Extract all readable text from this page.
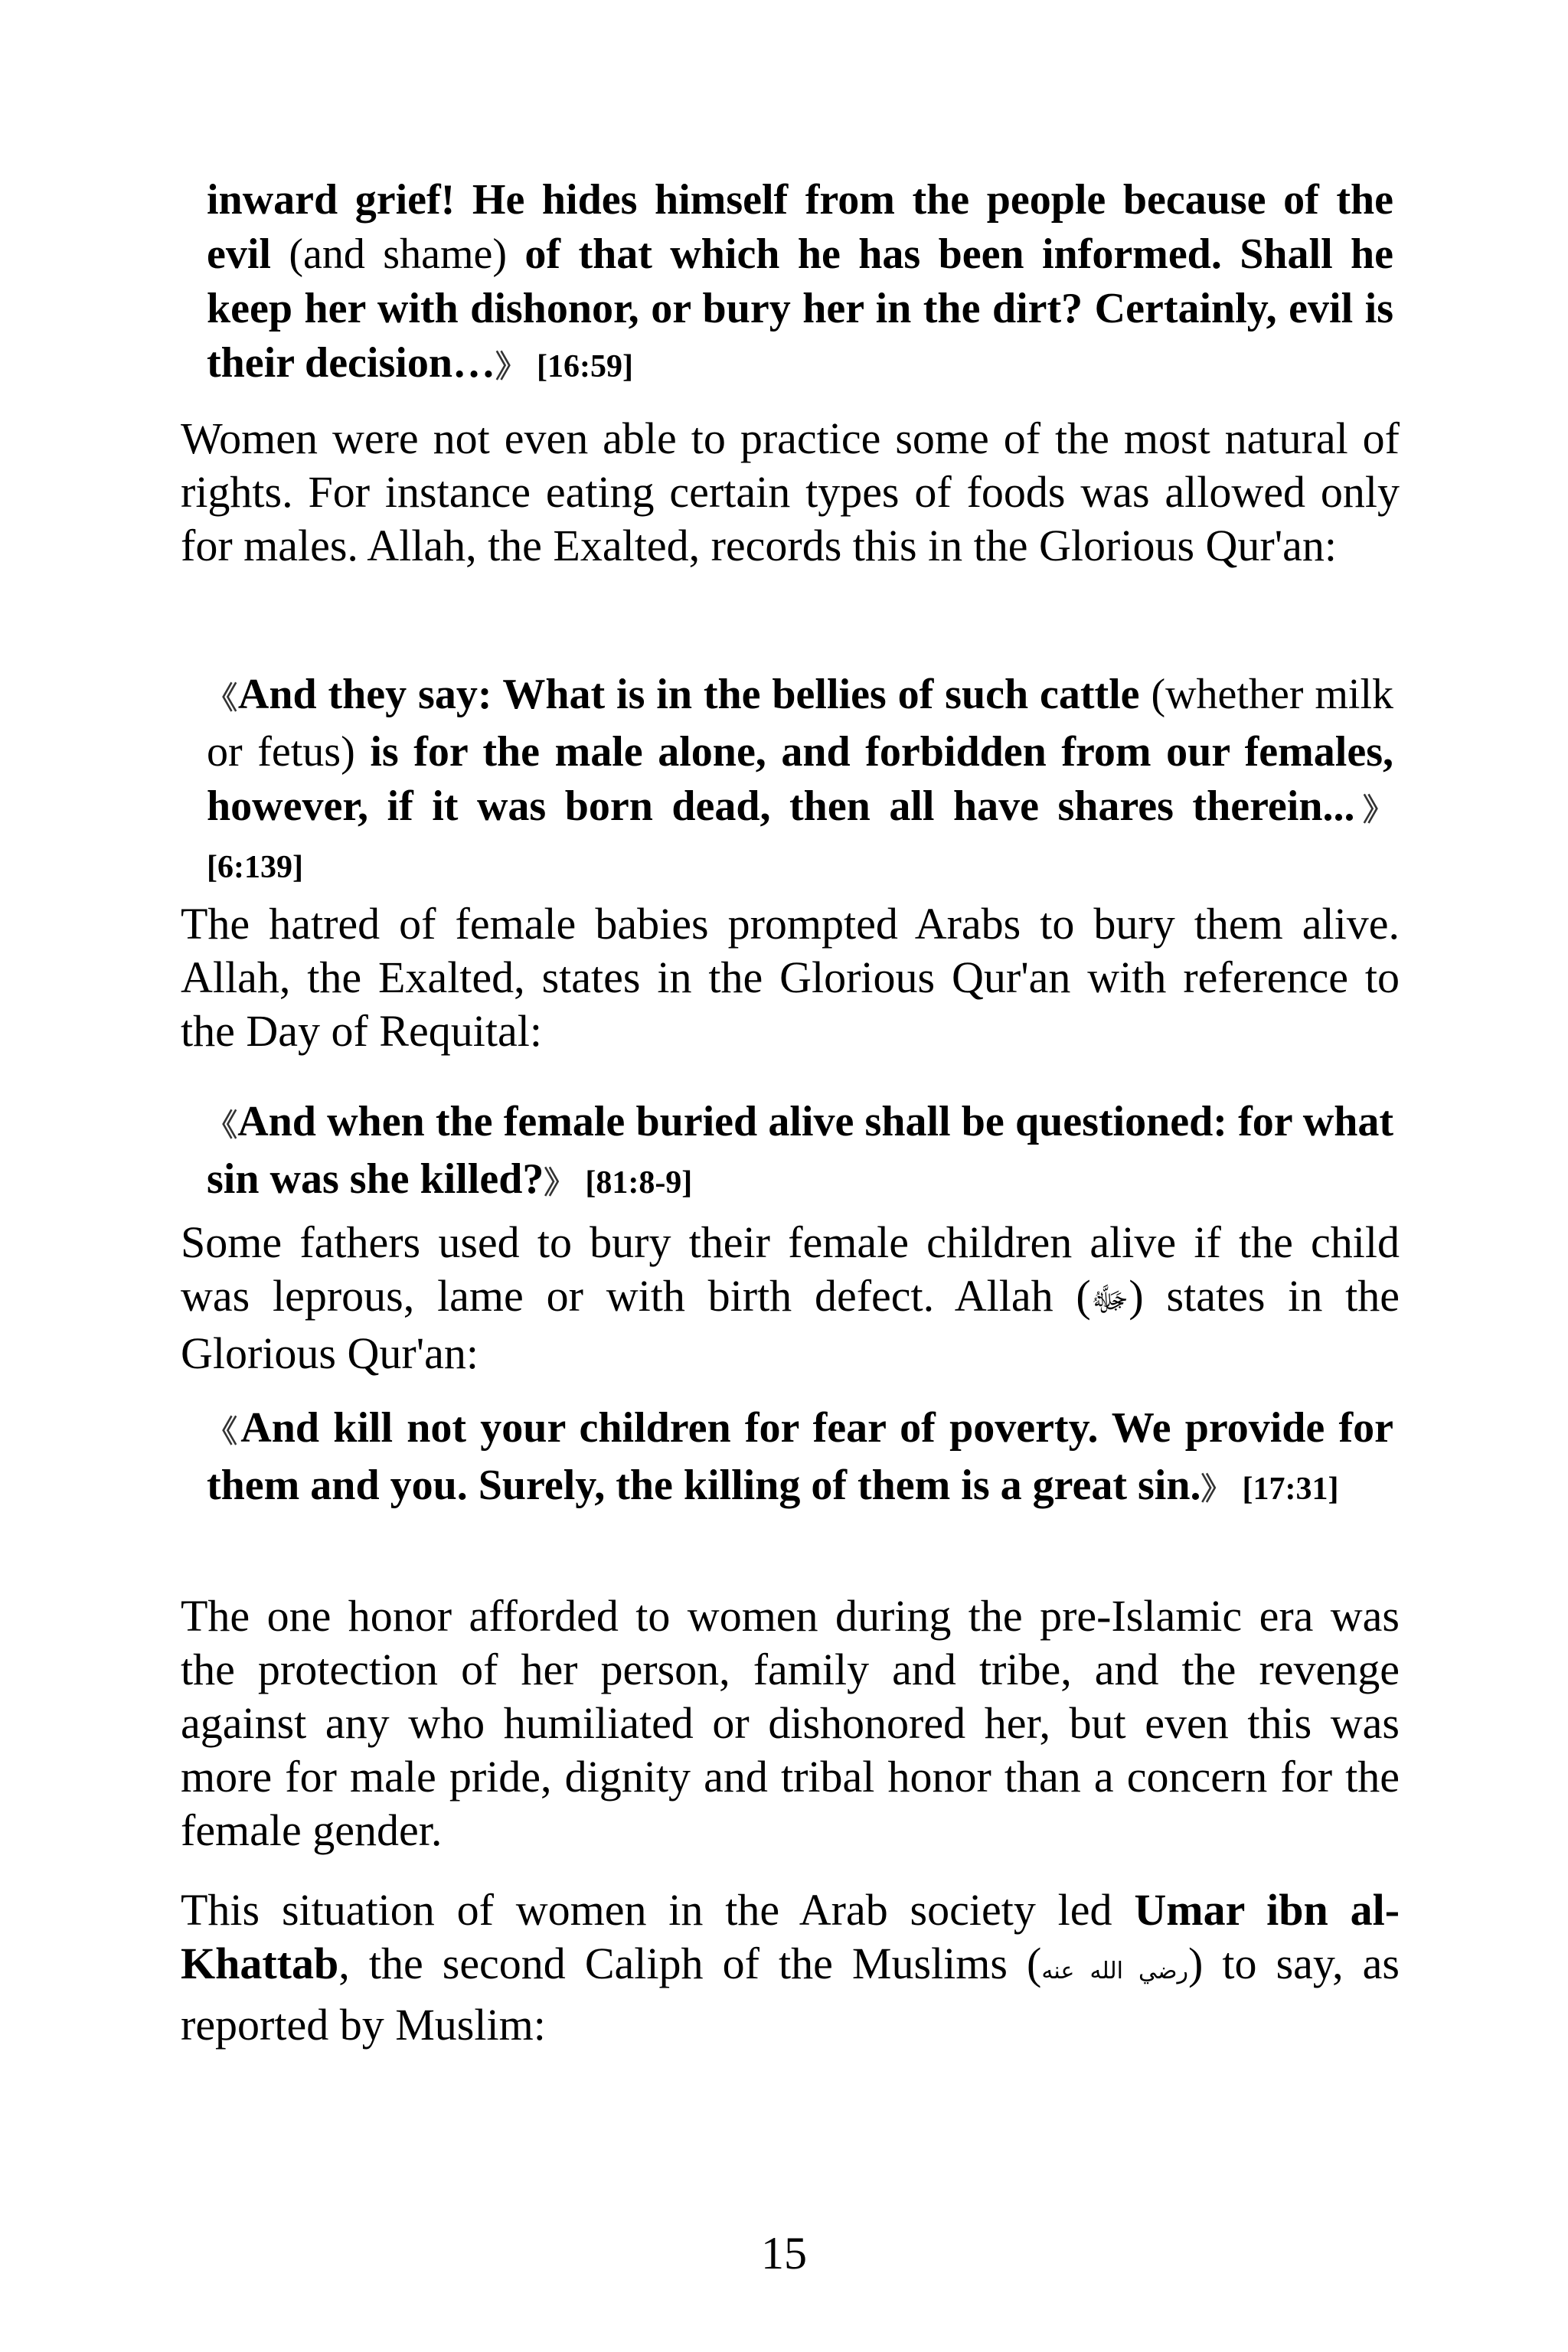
inward grief! He hides himself from the people because of the evil (and shame) of that which he has been informed. Shall he keep her with dishonor, or bury her in the dirt? Certainly, evil is their decision…》 [16:59]

Women were not even able to practice some of the most natural of rights. For instance eating certain types of foods was allowed only for males. Allah, the Exalted, records this in the Glorious Qur'an:

《And they say: What is in the bellies of such cattle (whether milk or fetus) is for the male alone, and forbidden from our females, however, if it was born dead, then all have shares therein...》 [6:139]

The hatred of female babies prompted Arabs to bury them alive. Allah, the Exalted, states in the Glorious Qur'an with reference to the Day of Requital:

《And when the female buried alive shall be questioned: for what sin was she killed?》 [81:8-9]

Some fathers used to bury their female children alive if the child was leprous, lame or with birth defect. Allah (ﷻ) states in the Glorious Qur'an:

《And kill not your children for fear of poverty. We provide for them and you. Surely, the killing of them is a great sin.》 [17:31]

The one honor afforded to women during the pre-Islamic era was the protection of her person, family and tribe, and the revenge against any who humiliated or dishonored her, but even this was more for male pride, dignity and tribal honor than a concern for the female gender.

This situation of women in the Arab society led Umar ibn al-Khattab, the second Caliph of the Muslims (رضي الله عنه) to say, as reported by Muslim:

15
